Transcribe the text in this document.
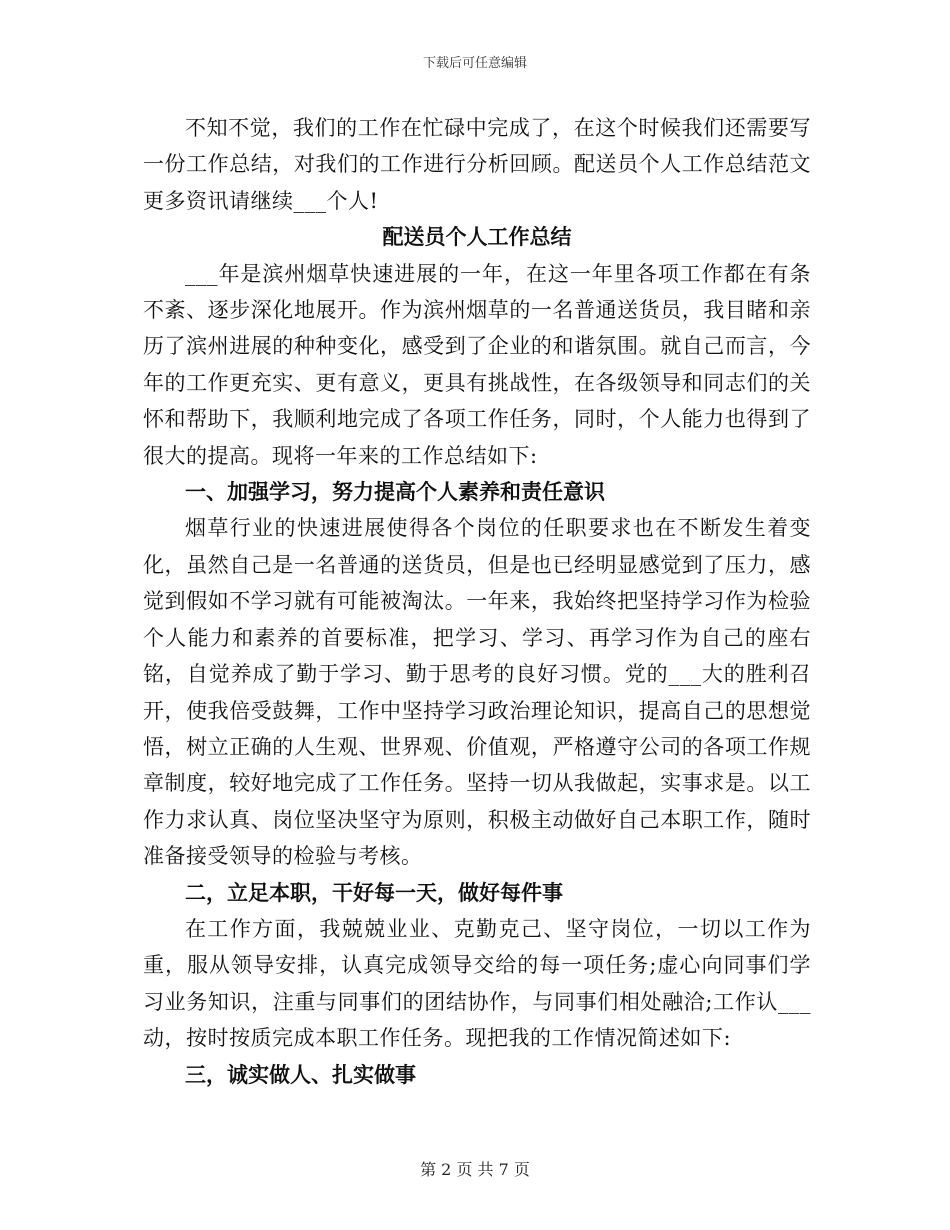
下载后可任意编辑

不知不觉，我们的工作在忙碌中完成了，在这个时候我们还需要写一份工作总结，对我们的工作进行分析回顾。配送员个人工作总结范文更多资讯请继续___个人!

配送员个人工作总结

___年是滨州烟草快速进展的一年，在这一年里各项工作都在有条不紊、逐步深化地展开。作为滨州烟草的一名普通送货员，我目睹和亲历了滨州进展的种种变化，感受到了企业的和谐氛围。就自己而言，今年的工作更充实、更有意义，更具有挑战性，在各级领导和同志们的关怀和帮助下，我顺利地完成了各项工作任务，同时，个人能力也得到了很大的提高。现将一年来的工作总结如下:

一、加强学习，努力提高个人素养和责任意识

烟草行业的快速进展使得各个岗位的任职要求也在不断发生着变化，虽然自己是一名普通的送货员，但是也已经明显感觉到了压力，感觉到假如不学习就有可能被淘汰。一年来，我始终把坚持学习作为检验个人能力和素养的首要标准，把学习、学习、再学习作为自己的座右铭，自觉养成了勤于学习、勤于思考的良好习惯。党的___大的胜利召开，使我倍受鼓舞，工作中坚持学习政治理论知识，提高自己的思想觉悟，树立正确的人生观、世界观、价值观，严格遵守公司的各项工作规章制度，较好地完成了工作任务。坚持一切从我做起，实事求是。以工作力求认真、岗位坚决坚守为原则，积极主动做好自己本职工作，随时准备接受领导的检验与考核。

二，立足本职，干好每一天，做好每件事

在工作方面，我兢兢业业、克勤克己、坚守岗位，一切以工作为重，服从领导安排，认真完成领导交给的每一项任务;虚心向同事们学习业务知识，注重与同事们的团结协作，与同事们相处融洽;工作认___动，按时按质完成本职工作任务。现把我的工作情况简述如下:

三，诚实做人、扎实做事

第 2 页 共 7 页
